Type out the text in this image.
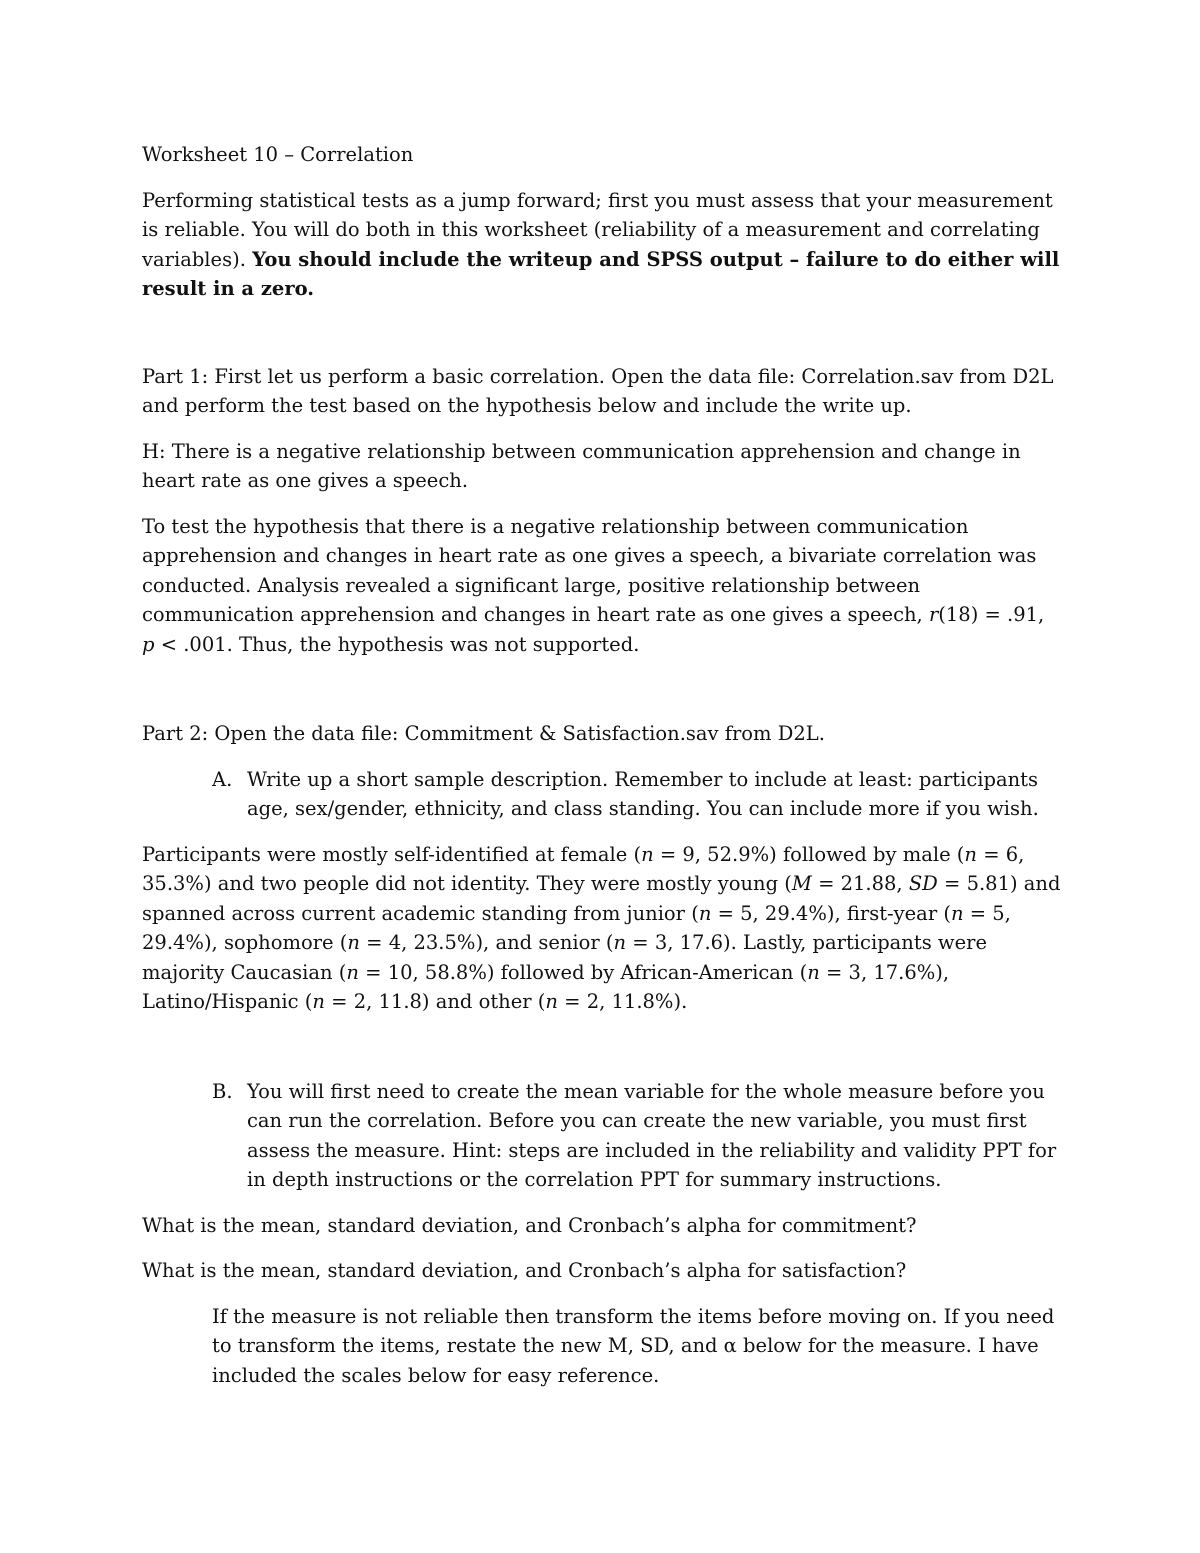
Worksheet 10 – Correlation

Performing statistical tests as a jump forward; first you must assess that your measurement is reliable. You will do both in this worksheet (reliability of a measurement and correlating variables). You should include the writeup and SPSS output – failure to do either will result in a zero.

Part 1: First let us perform a basic correlation. Open the data file: Correlation.sav from D2L and perform the test based on the hypothesis below and include the write up.

H: There is a negative relationship between communication apprehension and change in heart rate as one gives a speech.

To test the hypothesis that there is a negative relationship between communication apprehension and changes in heart rate as one gives a speech, a bivariate correlation was conducted. Analysis revealed a significant large, positive relationship between communication apprehension and changes in heart rate as one gives a speech, r(18) = .91, p < .001. Thus, the hypothesis was not supported.

Part 2: Open the data file: Commitment & Satisfaction.sav from D2L.

A. Write up a short sample description. Remember to include at least: participants age, sex/gender, ethnicity, and class standing. You can include more if you wish.

Participants were mostly self-identified at female (n = 9, 52.9%) followed by male (n = 6, 35.3%) and two people did not identity. They were mostly young (M = 21.88, SD = 5.81) and spanned across current academic standing from junior (n = 5, 29.4%), first-year (n = 5, 29.4%), sophomore (n = 4, 23.5%), and senior (n = 3, 17.6). Lastly, participants were majority Caucasian (n = 10, 58.8%) followed by African-American (n = 3, 17.6%), Latino/Hispanic (n = 2, 11.8) and other (n = 2, 11.8%).

B. You will first need to create the mean variable for the whole measure before you can run the correlation. Before you can create the new variable, you must first assess the measure. Hint: steps are included in the reliability and validity PPT for in depth instructions or the correlation PPT for summary instructions.

What is the mean, standard deviation, and Cronbach’s alpha for commitment?

What is the mean, standard deviation, and Cronbach’s alpha for satisfaction?

If the measure is not reliable then transform the items before moving on. If you need to transform the items, restate the new M, SD, and α below for the measure. I have included the scales below for easy reference.
